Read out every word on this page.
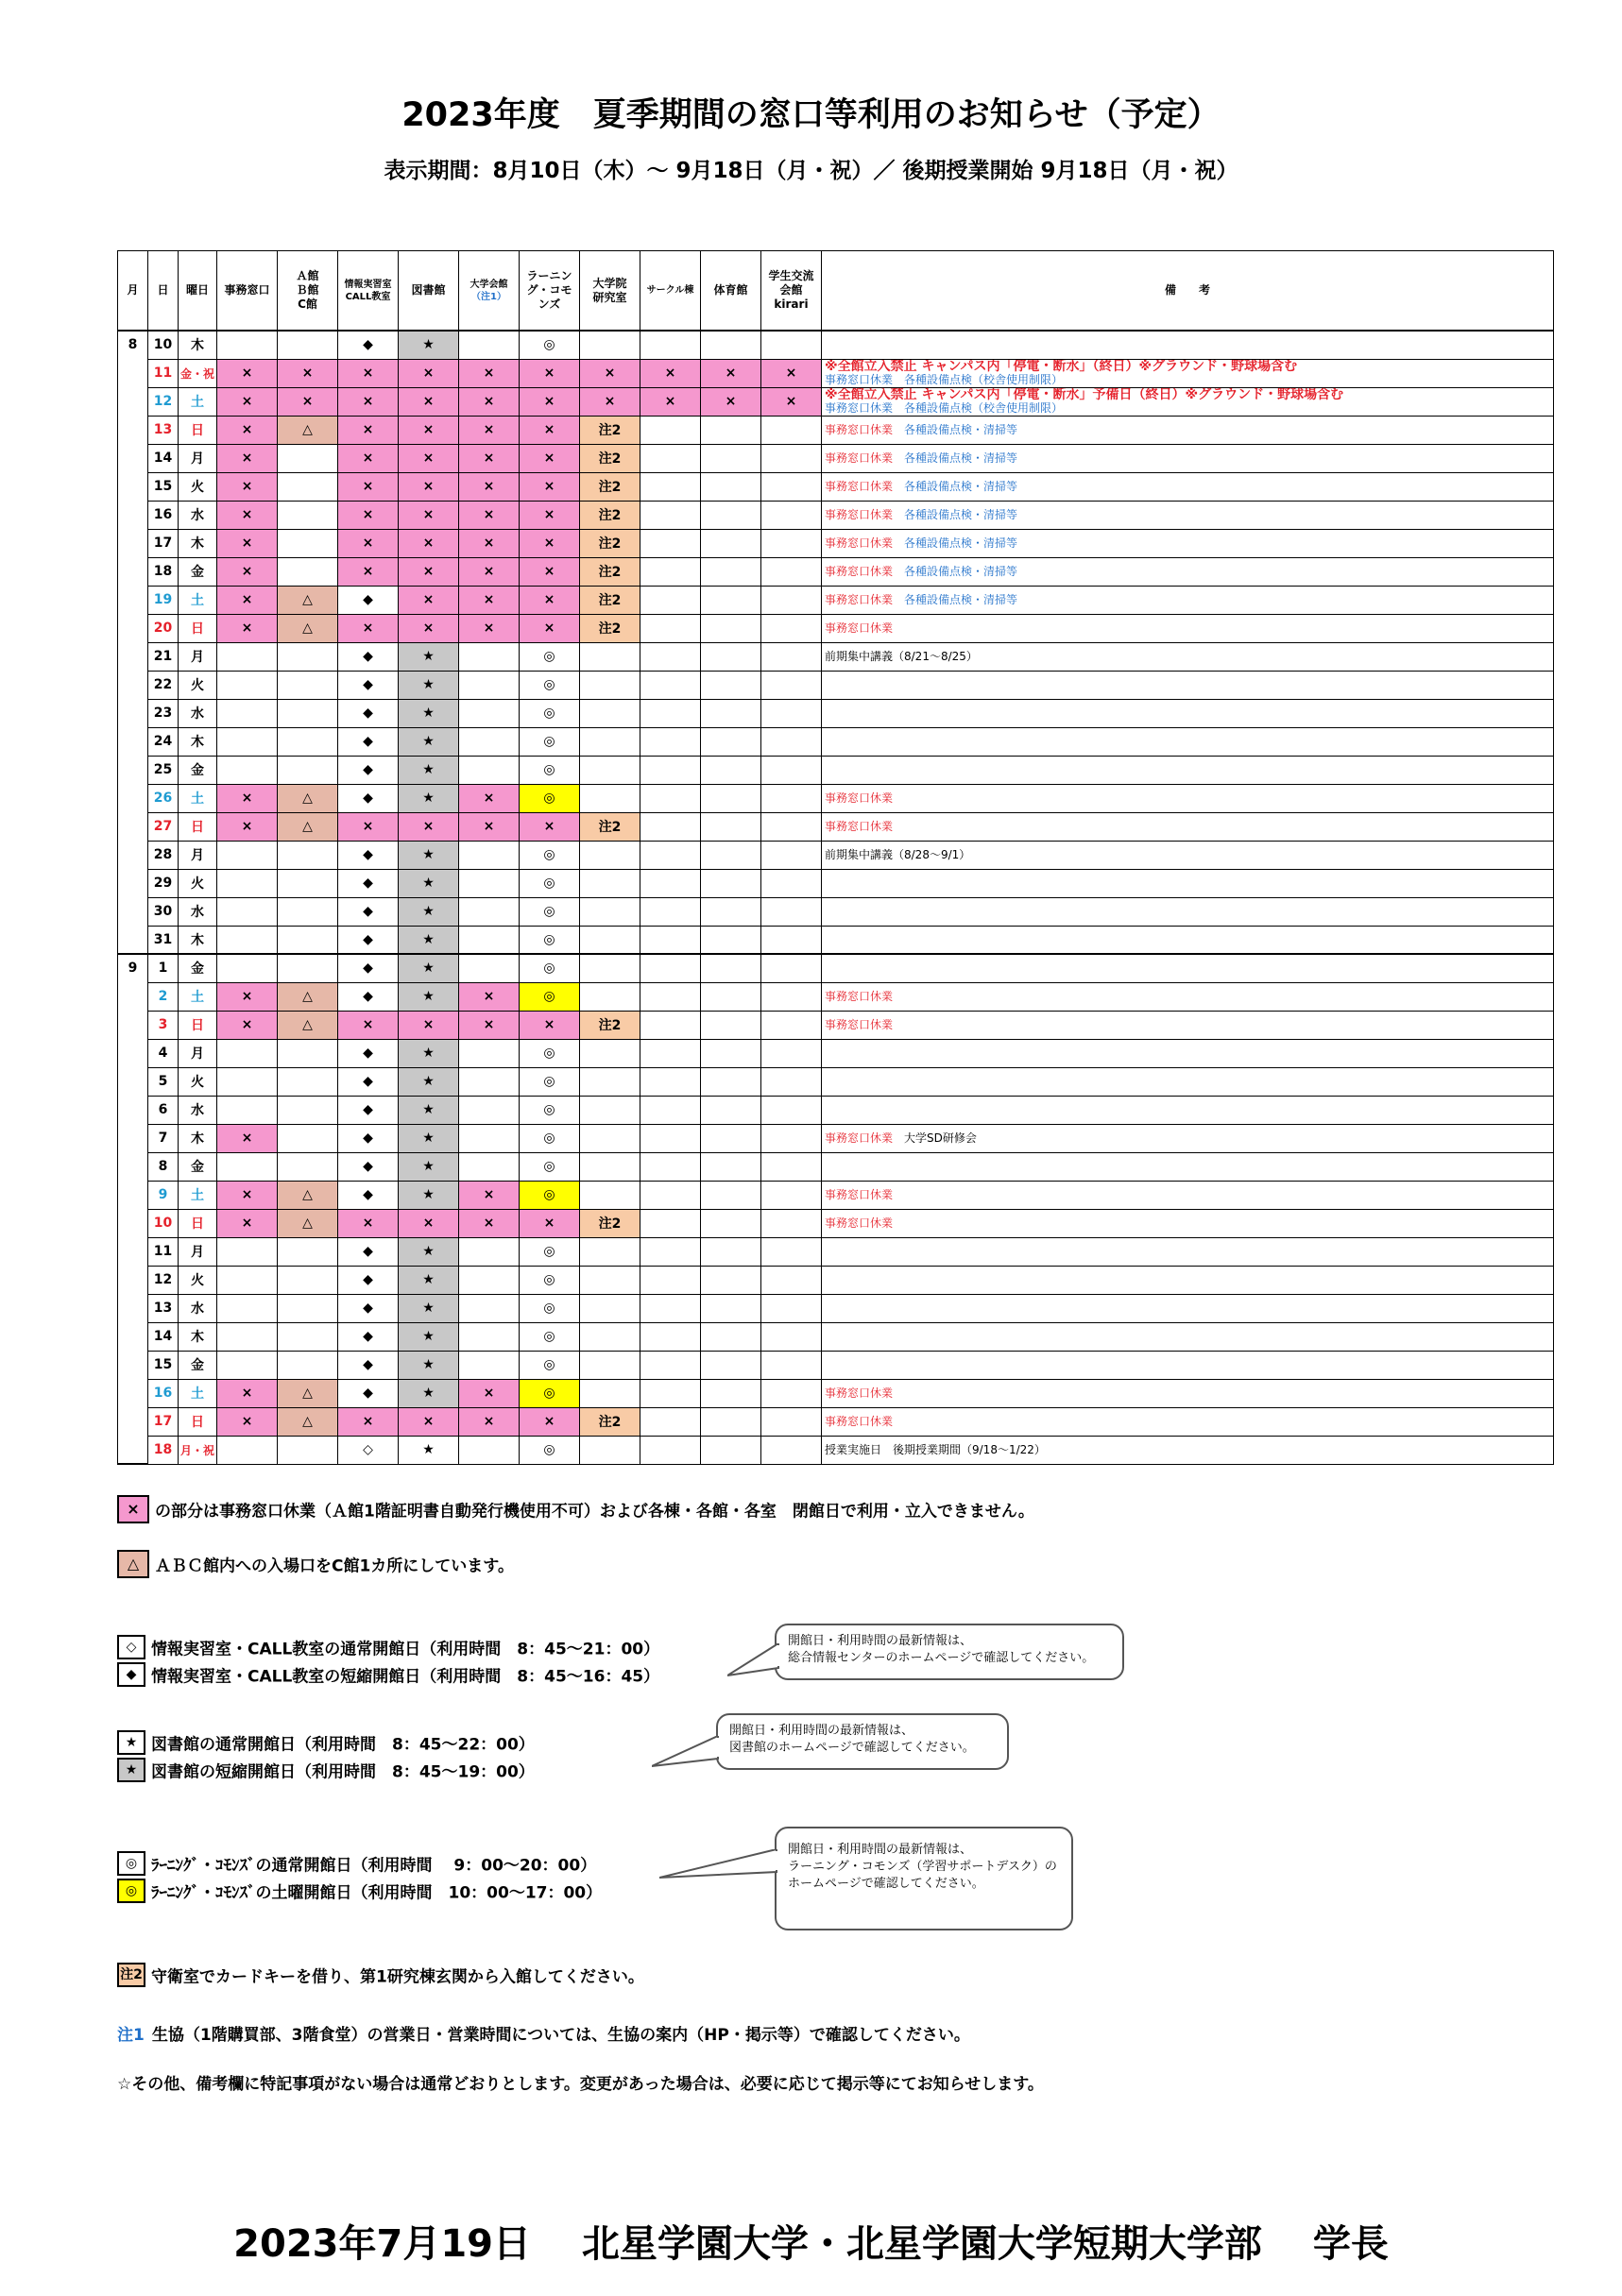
2023年度　夏季期間の窓口等利用のお知らせ（予定）
表示期間：8月10日（木）～ 9月18日（月・祝）／ 後期授業開始 9月18日（月・祝）
月	日	曜日	事務窓口	Ａ館
Ｂ館
C館	情報実習室
CALL教室	図書館	大学会館
（注1）	ラーニン
グ・コモ
ンズ	大学院
研究室	サークル棟	体育館	学生交流
会館
kirari	備　　考
8	10	木			◆	★		◎					
	11	金・祝	×	×	×	×	×	×	×	×	×	×	※全館立入禁止 キャンパス内「停電・断水」（終日）※グラウンド・野球場含む
事務窓口休業　各種設備点検（校舎使用制限）
	12	土	×	×	×	×	×	×	×	×	×	×	※全館立入禁止 キャンパス内「停電・断水」予備日（終日）※グラウンド・野球場含む
事務窓口休業　各種設備点検（校舎使用制限）
	13	日	×	△	×	×	×	×	注2				事務窓口休業　各種設備点検・清掃等
	14	月	×		×	×	×	×	注2				事務窓口休業　各種設備点検・清掃等
	15	火	×		×	×	×	×	注2				事務窓口休業　各種設備点検・清掃等
	16	水	×		×	×	×	×	注2				事務窓口休業　各種設備点検・清掃等
	17	木	×		×	×	×	×	注2				事務窓口休業　各種設備点検・清掃等
	18	金	×		×	×	×	×	注2				事務窓口休業　各種設備点検・清掃等
	19	土	×	△	◆	×	×	×	注2				事務窓口休業　各種設備点検・清掃等
	20	日	×	△	×	×	×	×	注2				事務窓口休業
	21	月			◆	★		◎					前期集中講義（8/21～8/25）
	22	火			◆	★		◎					
	23	水			◆	★		◎					
	24	木			◆	★		◎					
	25	金			◆	★		◎					
	26	土	×	△	◆	★	×	◎					事務窓口休業
	27	日	×	△	×	×	×	×	注2				事務窓口休業
	28	月			◆	★		◎					前期集中講義（8/28～9/1）
	29	火			◆	★		◎					
	30	水			◆	★		◎					
	31	木			◆	★		◎					
9	1	金			◆	★		◎					
	2	土	×	△	◆	★	×	◎					事務窓口休業
	3	日	×	△	×	×	×	×	注2				事務窓口休業
	4	月			◆	★		◎					
	5	火			◆	★		◎					
	6	水			◆	★		◎					
	7	木	×		◆	★		◎					事務窓口休業　大学SD研修会
	8	金			◆	★		◎					
	9	土	×	△	◆	★	×	◎					事務窓口休業
	10	日	×	△	×	×	×	×	注2				事務窓口休業
	11	月			◆	★		◎					
	12	火			◆	★		◎					
	13	水			◆	★		◎					
	14	木			◆	★		◎					
	15	金			◆	★		◎					
	16	土	×	△	◆	★	×	◎					事務窓口休業
	17	日	×	△	×	×	×	×	注2				事務窓口休業
	18	月・祝			◇	★		◎					授業実施日　後期授業期間（9/18～1/22）
× の部分は事務窓口休業（Ａ館1階証明書自動発行機使用不可）および各棟・各館・各室　閉館日で利用・立入できません。
△ ＡＢＣ館内への入場口をC館1カ所にしています。
◇ 情報実習室・CALL教室の通常開館日（利用時間　8：45～21：00）
◆ 情報実習室・CALL教室の短縮開館日（利用時間　8：45～16：45）
開館日・利用時間の最新情報は、
総合情報センターのホームページで確認してください。
★ 図書館の通常開館日（利用時間　8：45～22：00）
★ 図書館の短縮開館日（利用時間　8：45～19：00）
開館日・利用時間の最新情報は、
図書館のホームページで確認してください。
◎ ﾗｰﾆﾝｸﾞ・ｺﾓﾝｽﾞの通常開館日（利用時間　 9：00～20：00）
◎ ﾗｰﾆﾝｸﾞ・ｺﾓﾝｽﾞの土曜開館日（利用時間　10：00～17：00）
開館日・利用時間の最新情報は、
ラーニング・コモンズ（学習サポートデスク）の
ホームページで確認してください。
注2 守衛室でカードキーを借り、第1研究棟玄関から入館してください。
注1 生協（1階購買部、3階食堂）の営業日・営業時間については、生協の案内（HP・掲示等）で確認してください。
☆その他、備考欄に特記事項がない場合は通常どおりとします。変更があった場合は、必要に応じて掲示等にてお知らせします。
2023年7月19日　 北星学園大学・北星学園大学短期大学部　 学長
